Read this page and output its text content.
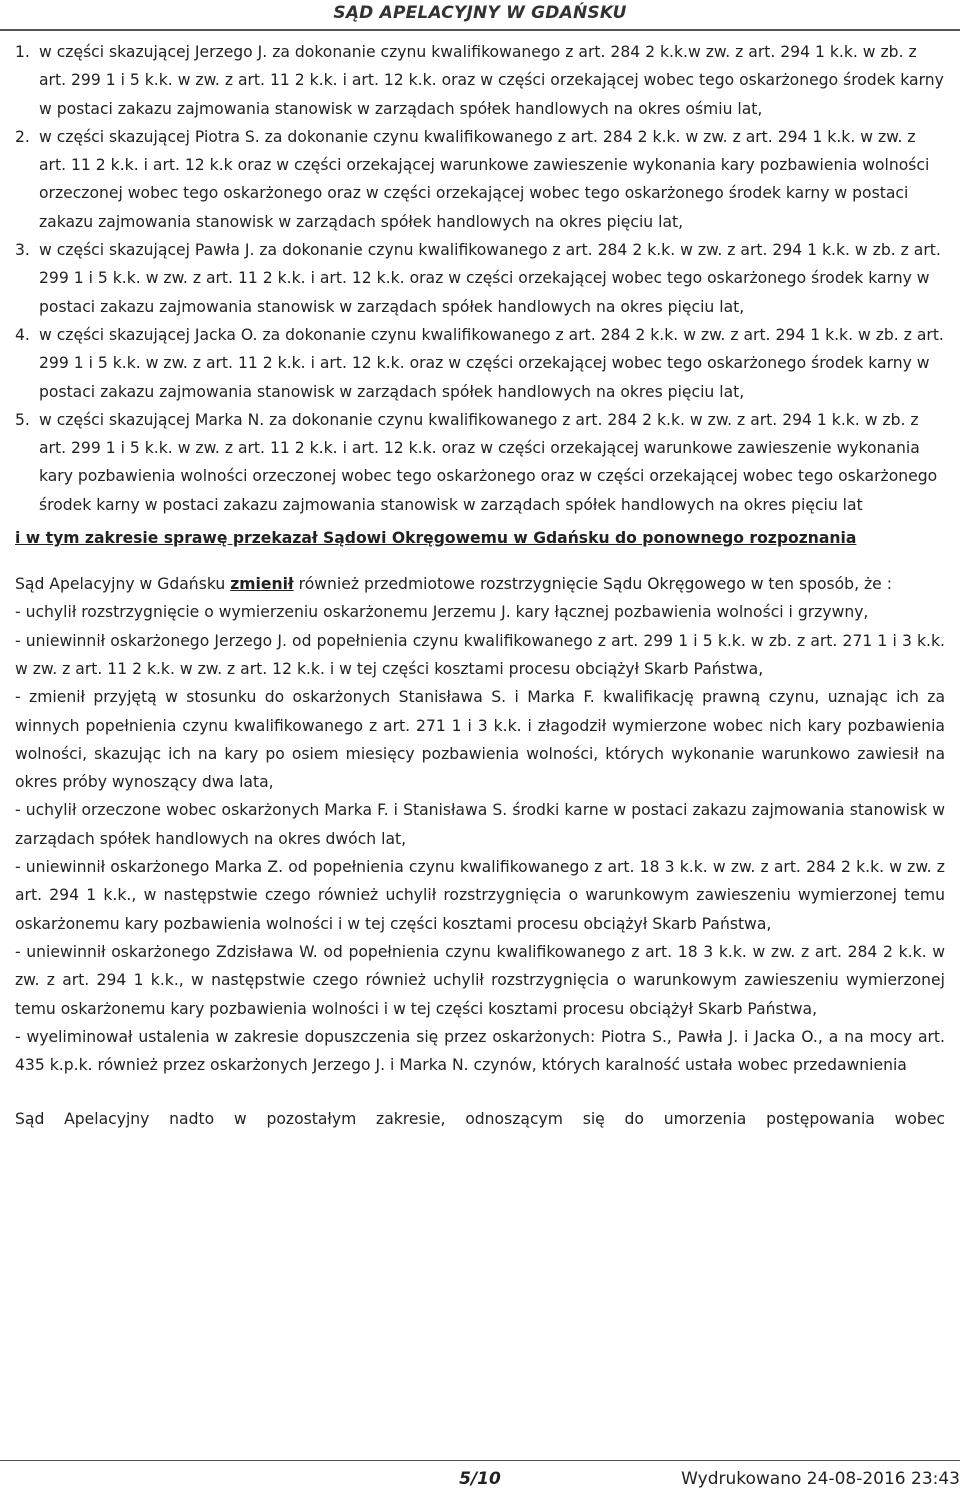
SĄD APELACYJNY W GDAŃSKU
1. w części skazującej Jerzego J. za dokonanie czynu kwalifikowanego z art. 284 2 k.k.w zw. z art. 294 1 k.k. w zb. z art. 299 1 i 5 k.k. w zw. z art. 11 2 k.k. i art. 12 k.k. oraz w części orzekającej wobec tego oskarżonego środek karny w postaci zakazu zajmowania stanowisk w zarządach spółek handlowych na okres ośmiu lat,
2. w części skazującej Piotra S. za dokonanie czynu kwalifikowanego z art. 284 2 k.k. w zw. z art. 294 1 k.k. w zw. z art. 11 2 k.k. i art. 12 k.k oraz w części orzekającej warunkowe zawieszenie wykonania kary pozbawienia wolności orzeczonej wobec tego oskarżonego oraz w części orzekającej wobec tego oskarżonego środek karny w postaci zakazu zajmowania stanowisk w zarządach spółek handlowych na okres pięciu lat,
3. w części skazującej Pawła J. za dokonanie czynu kwalifikowanego z art. 284 2 k.k. w zw. z art. 294 1 k.k. w zb. z art. 299 1 i 5 k.k. w zw. z art. 11 2 k.k. i art. 12 k.k. oraz w części orzekającej wobec tego oskarżonego środek karny w postaci zakazu zajmowania stanowisk w zarządach spółek handlowych na okres pięciu lat,
4. w części skazującej Jacka O. za dokonanie czynu kwalifikowanego z art. 284 2 k.k. w zw. z art. 294 1 k.k. w zb. z art. 299 1 i 5 k.k. w zw. z art. 11 2 k.k. i art. 12 k.k. oraz w części orzekającej wobec tego oskarżonego środek karny w postaci zakazu zajmowania stanowisk w zarządach spółek handlowych na okres pięciu lat,
5. w części skazującej Marka N. za dokonanie czynu kwalifikowanego z art. 284 2 k.k. w zw. z art. 294 1 k.k. w zb. z art. 299 1 i 5 k.k. w zw. z art. 11 2 k.k. i art. 12 k.k. oraz w części orzekającej warunkowe zawieszenie wykonania kary pozbawienia wolności orzeczonej wobec tego oskarżonego oraz w części orzekającej wobec tego oskarżonego środek karny w postaci zakazu zajmowania stanowisk w zarządach spółek handlowych na okres pięciu lat
i w tym zakresie sprawę przekazał Sądowi Okręgowemu w Gdańsku do ponownego rozpoznania
Sąd Apelacyjny w Gdańsku zmienił również przedmiotowe rozstrzygnięcie Sądu Okręgowego w ten sposób, że :
- uchylił rozstrzygnięcie o wymierzeniu oskarżonemu Jerzemu J. kary łącznej pozbawienia wolności i grzywny,
- uniewinnił oskarżonego Jerzego J. od popełnienia czynu kwalifikowanego z art. 299 1 i 5 k.k. w zb. z art. 271 1 i 3 k.k. w zw. z art. 11 2 k.k. w zw. z art. 12 k.k. i w tej części kosztami procesu obciążył Skarb Państwa,
- zmienił przyjętą w stosunku do oskarżonych Stanisława S. i Marka F. kwalifikację prawną czynu, uznając ich za winnych popełnienia czynu kwalifikowanego z art. 271 1 i 3 k.k. i złagodził wymierzone wobec nich kary pozbawienia wolności, skazując ich na kary po osiem miesięcy pozbawienia wolności, których wykonanie warunkowo zawiesił na okres próby wynoszący dwa lata,
- uchylił orzeczone wobec oskarżonych Marka F. i Stanisława S. środki karne w postaci zakazu zajmowania stanowisk w zarządach spółek handlowych na okres dwóch lat,
- uniewinnił oskarżonego Marka Z. od popełnienia czynu kwalifikowanego z art. 18 3 k.k. w zw. z art. 284 2 k.k. w zw. z art. 294 1 k.k., w następstwie czego również uchylił rozstrzygnięcia o warunkowym zawieszeniu wymierzonej temu oskarżonemu kary pozbawienia wolności i w tej części kosztami procesu obciążył Skarb Państwa,
- uniewinnił oskarżonego Zdzisława W. od popełnienia czynu kwalifikowanego z art. 18 3 k.k. w zw. z art. 284 2 k.k. w zw. z art. 294 1 k.k., w następstwie czego również uchylił rozstrzygnięcia o warunkowym zawieszeniu wymierzonej temu oskarżonemu kary pozbawienia wolności i w tej części kosztami procesu obciążył Skarb Państwa,
- wyeliminował ustalenia w zakresie dopuszczenia się przez oskarżonych: Piotra S., Pawła J. i Jacka O., a na mocy art. 435 k.p.k. również przez oskarżonych Jerzego J. i Marka N. czynów, których karalność ustała wobec przedawnienia
Sąd Apelacyjny nadto w pozostałym zakresie, odnoszącym się do umorzenia postępowania wobec
5/10	Wydrukowano 24-08-2016 23:43
